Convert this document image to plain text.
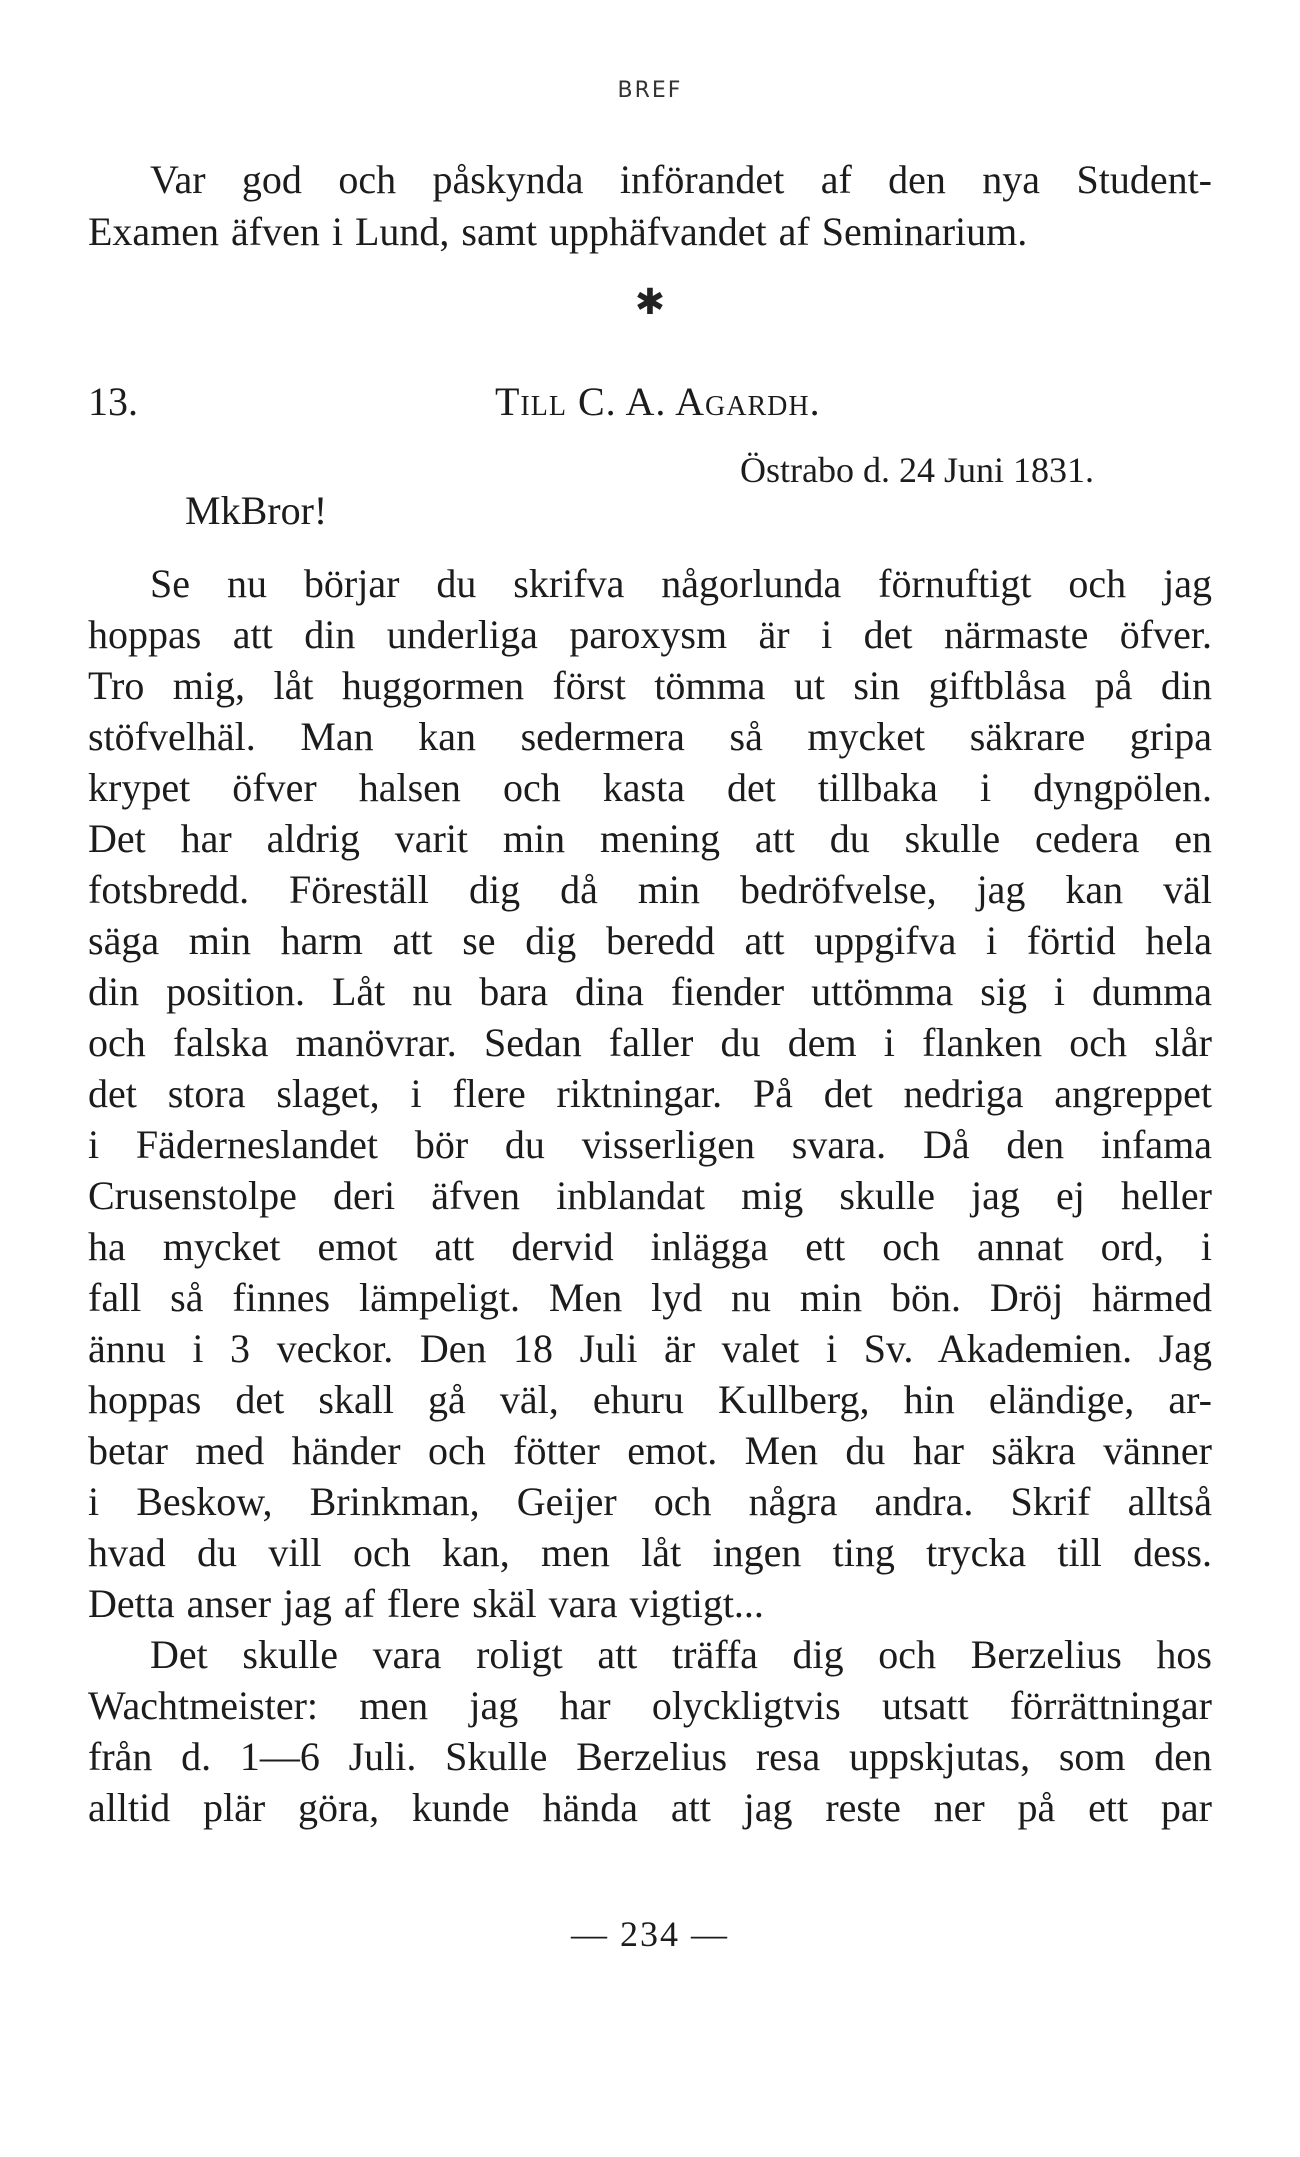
BREF
Var god och påskynda införandet af den nya Student-
Examen äfven i Lund, samt upphäfvandet af Seminarium.
✱
13.	Till C. A. Agardh.
Östrabo d. 24 Juni 1831.
MkBror!
Se nu börjar du skrifva någorlunda förnuftigt och jag
hoppas att din underliga paroxysm är i det närmaste öfver.
Tro mig, låt huggormen först tömma ut sin giftblåsa på din
stöfvelhäl. Man kan sedermera så mycket säkrare gripa
krypet öfver halsen och kasta det tillbaka i dyngpölen.
Det har aldrig varit min mening att du skulle cedera en
fotsbredd. Föreställ dig då min bedröfvelse, jag kan väl
säga min harm att se dig beredd att uppgifva i förtid hela
din position. Låt nu bara dina fiender uttömma sig i dumma
och falska manövrar. Sedan faller du dem i flanken och slår
det stora slaget, i flere riktningar. På det nedriga angreppet
i Fäderneslandet bör du visserligen svara. Då den infama
Crusenstolpe deri äfven inblandat mig skulle jag ej heller
ha mycket emot att dervid inlägga ett och annat ord, i
fall så finnes lämpeligt. Men lyd nu min bön. Dröj härmed
ännu i 3 veckor. Den 18 Juli är valet i Sv. Akademien. Jag
hoppas det skall gå väl, ehuru Kullberg, hin eländige, ar-
betar med händer och fötter emot. Men du har säkra vänner
i Beskow, Brinkman, Geijer och några andra. Skrif alltså
hvad du vill och kan, men låt ingen ting trycka till dess.
Detta anser jag af flere skäl vara vigtigt...
Det skulle vara roligt att träffa dig och Berzelius hos
Wachtmeister: men jag har olyckligtvis utsatt förrättningar
från d. 1—6 Juli. Skulle Berzelius resa uppskjutas, som den
alltid plär göra, kunde hända att jag reste ner på ett par
— 234 —
